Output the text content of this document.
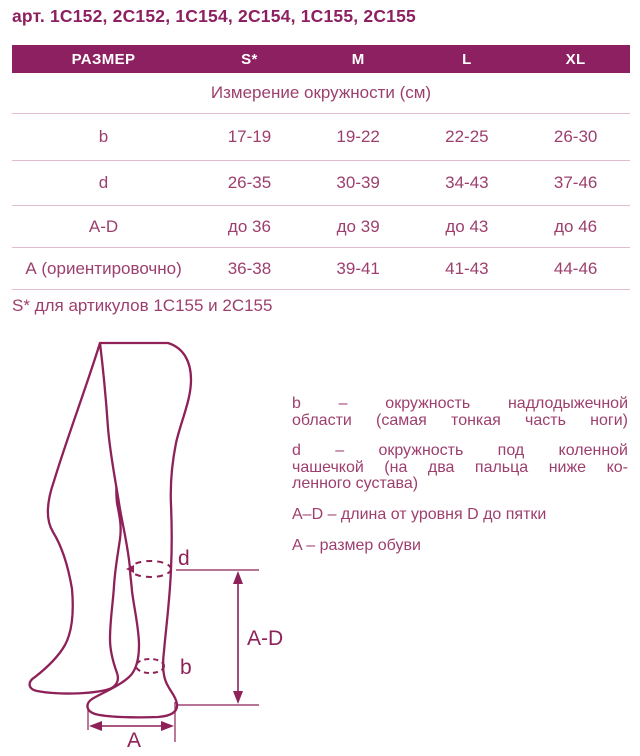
арт. 1С152, 2С152, 1С154, 2С154, 1С155, 2С155
РАЗМЕР	S*	M	L	XL
Измерение окружности (см)				
b	17-19	19-22	22-25	26-30
d	26-35	30-39	34-43	37-46
A-D	до 36	до 39	до 43	до 46
А (ориентировочно)	36-38	39-41	41-43	44-46

S* для артикулов 1С155 и 2С155

d
b
A-D
A
b – окружность надлодыжечной
области (самая тонкая часть ноги)
d – окружность под коленной
чашечкой (на два пальца ниже ко-
ленного сустава)
A–D – длина от уровня D до пятки
A – размер обуви
